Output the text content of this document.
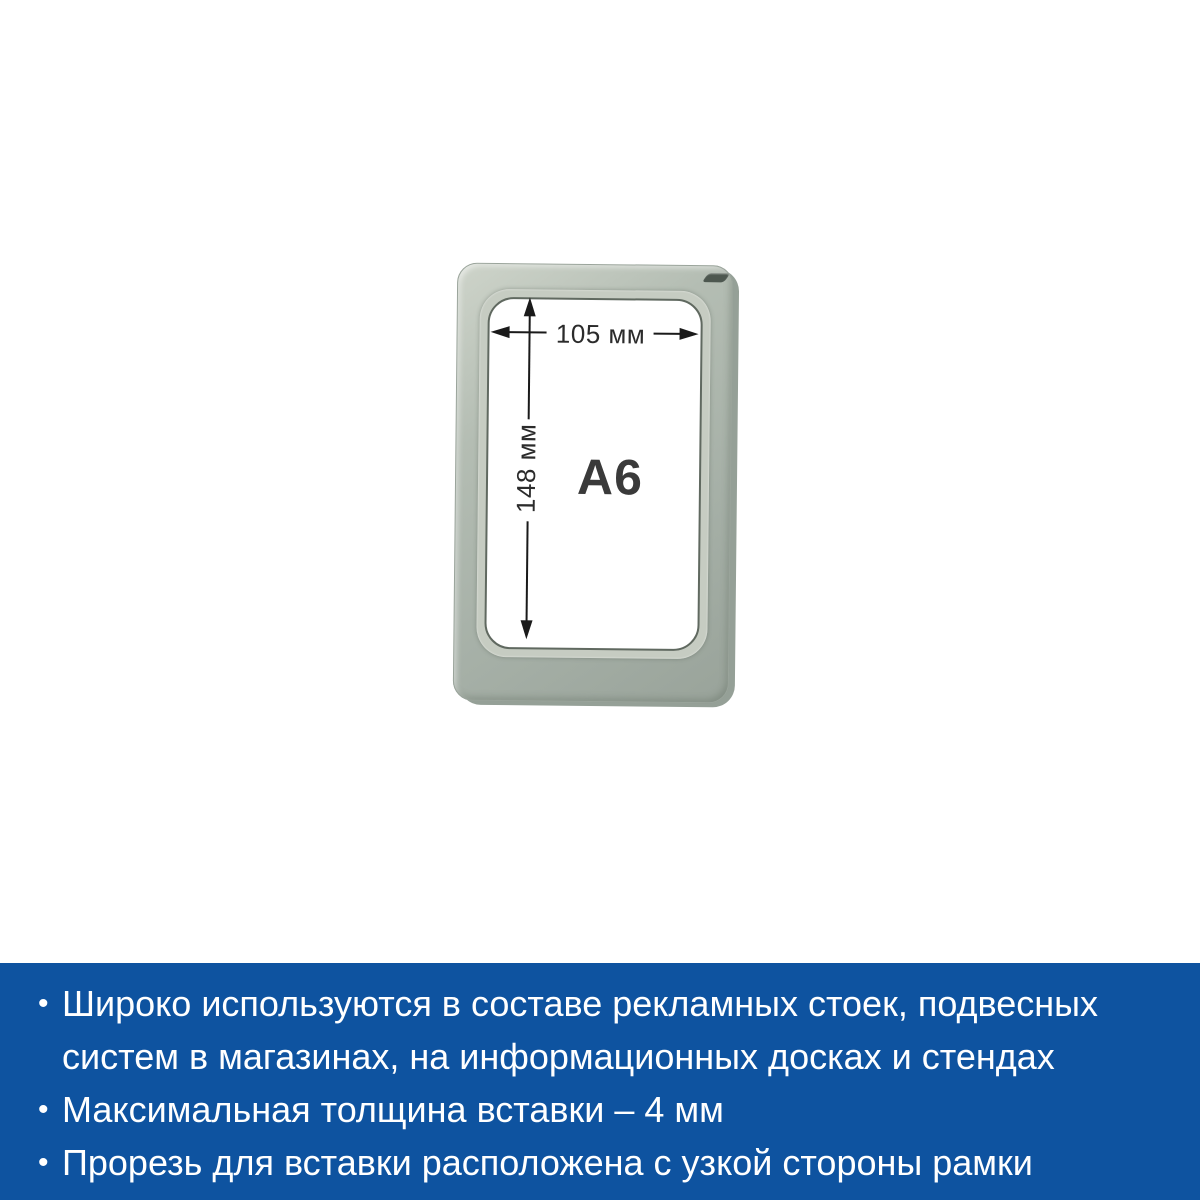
148 мм
105 мм
А6
• Широко используются в составе рекламных стоек, подвесных
систем в магазинах, на информационных досках и стендах
• Максимальная толщина вставки – 4 мм
• Прорезь для вставки расположена с узкой стороны рамки
